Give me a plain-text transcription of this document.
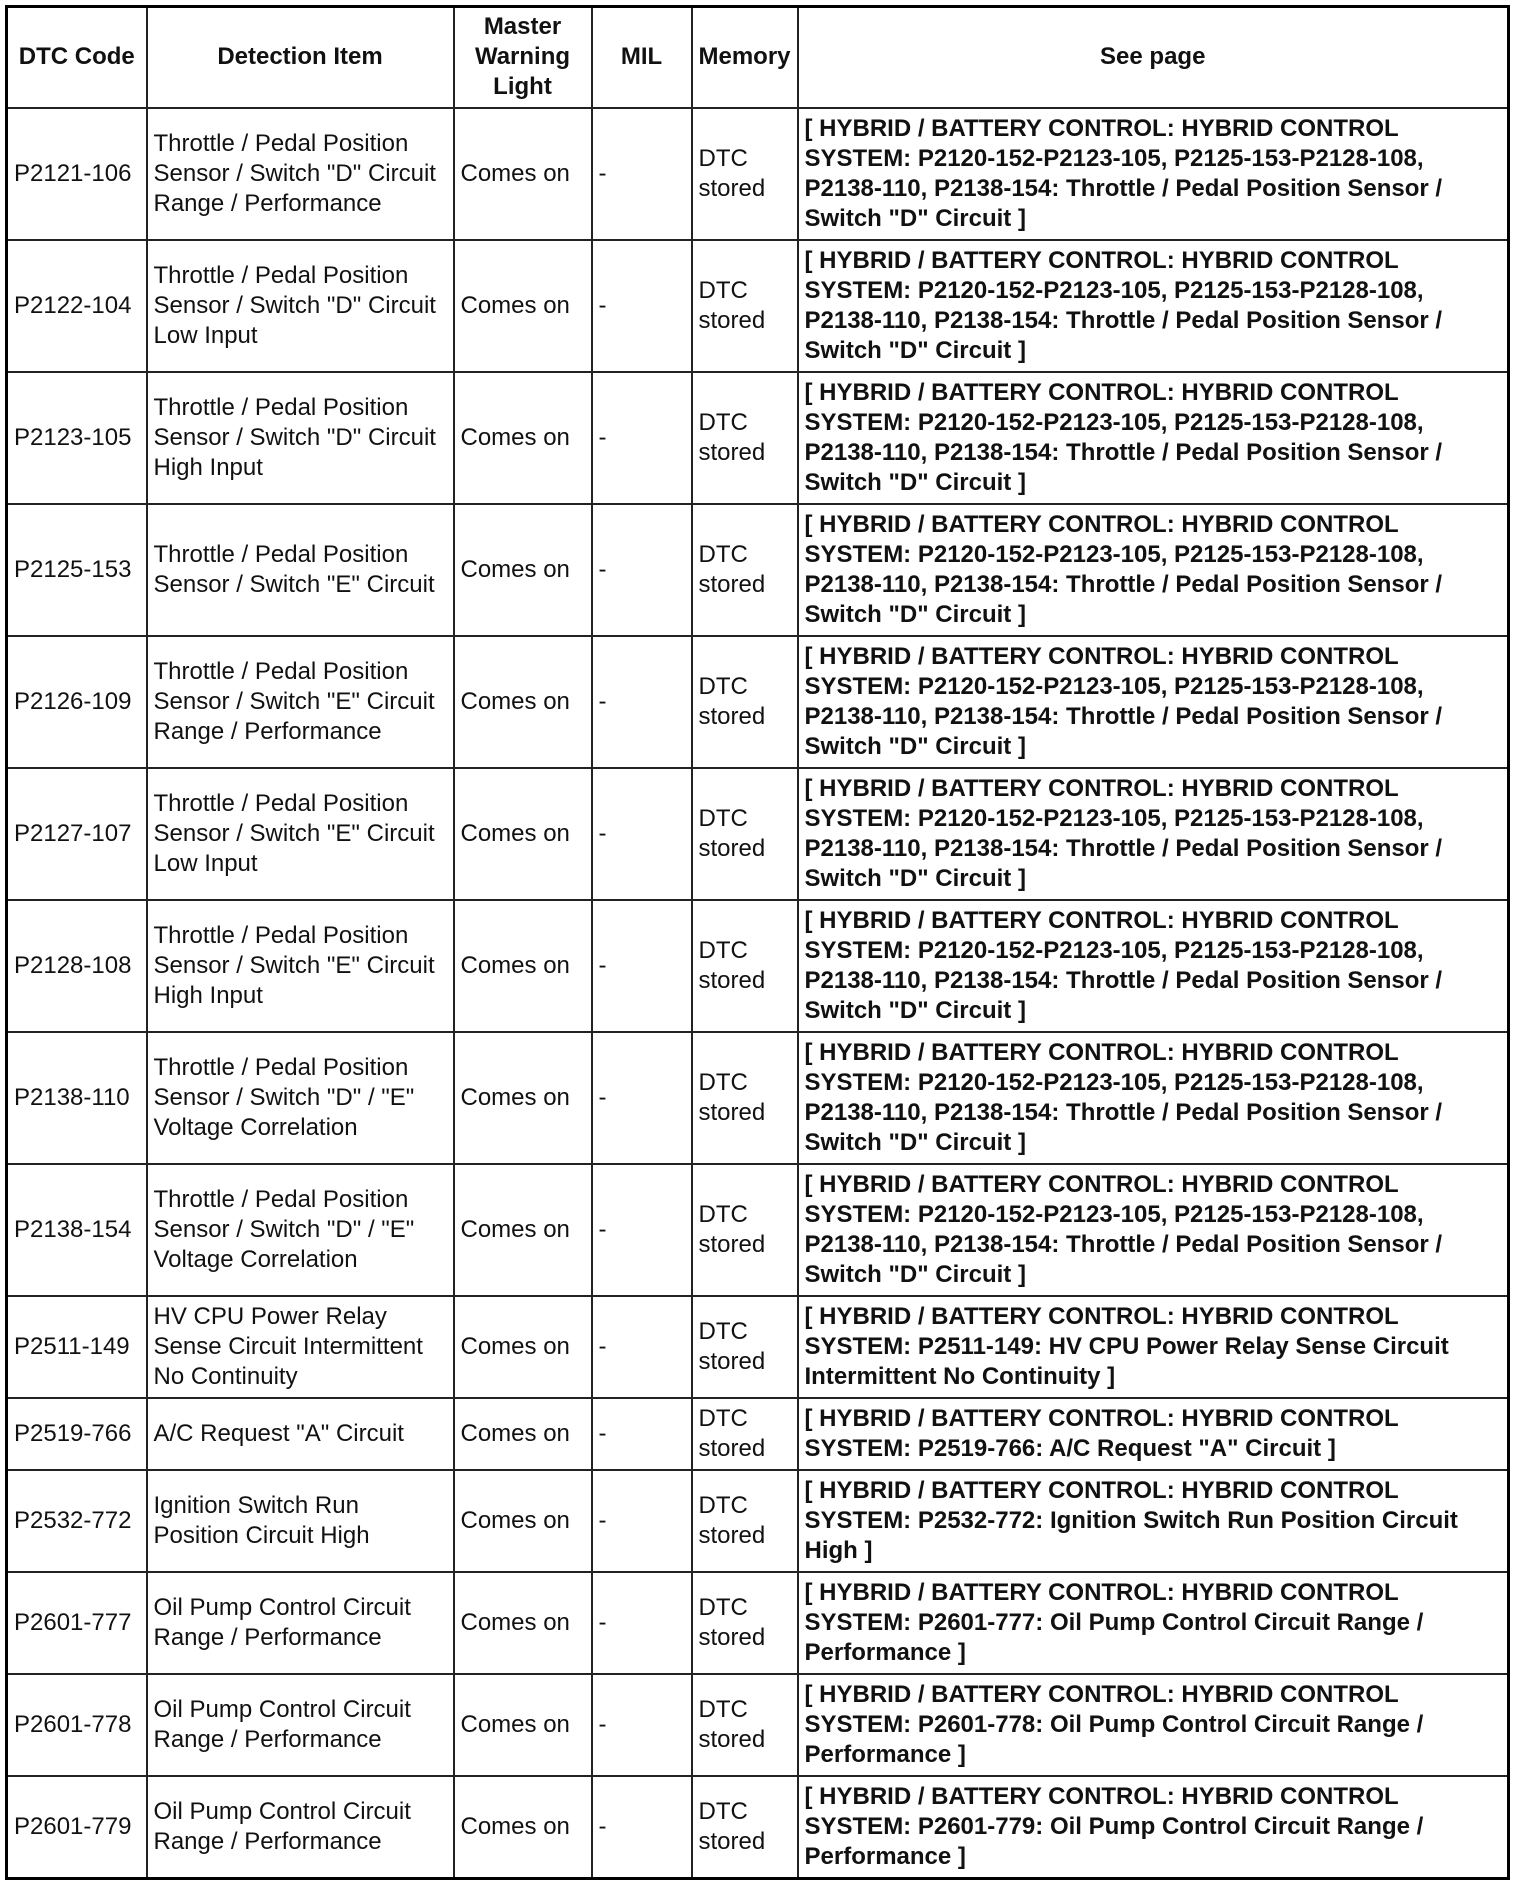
DTC Code	Detection Item	Master Warning Light	MIL	Memory	See page
P2121-106	Throttle / Pedal Position Sensor / Switch "D" Circuit Range / Performance	Comes on	-	DTC stored	[ HYBRID / BATTERY CONTROL: HYBRID CONTROL SYSTEM: P2120-152-P2123-105, P2125-153-P2128-108, P2138-110, P2138-154: Throttle / Pedal Position Sensor / Switch "D" Circuit ]
P2122-104	Throttle / Pedal Position Sensor / Switch "D" Circuit Low Input	Comes on	-	DTC stored	[ HYBRID / BATTERY CONTROL: HYBRID CONTROL SYSTEM: P2120-152-P2123-105, P2125-153-P2128-108, P2138-110, P2138-154: Throttle / Pedal Position Sensor / Switch "D" Circuit ]
P2123-105	Throttle / Pedal Position Sensor / Switch "D" Circuit High Input	Comes on	-	DTC stored	[ HYBRID / BATTERY CONTROL: HYBRID CONTROL SYSTEM: P2120-152-P2123-105, P2125-153-P2128-108, P2138-110, P2138-154: Throttle / Pedal Position Sensor / Switch "D" Circuit ]
P2125-153	Throttle / Pedal Position Sensor / Switch "E" Circuit	Comes on	-	DTC stored	[ HYBRID / BATTERY CONTROL: HYBRID CONTROL SYSTEM: P2120-152-P2123-105, P2125-153-P2128-108, P2138-110, P2138-154: Throttle / Pedal Position Sensor / Switch "D" Circuit ]
P2126-109	Throttle / Pedal Position Sensor / Switch "E" Circuit Range / Performance	Comes on	-	DTC stored	[ HYBRID / BATTERY CONTROL: HYBRID CONTROL SYSTEM: P2120-152-P2123-105, P2125-153-P2128-108, P2138-110, P2138-154: Throttle / Pedal Position Sensor / Switch "D" Circuit ]
P2127-107	Throttle / Pedal Position Sensor / Switch "E" Circuit Low Input	Comes on	-	DTC stored	[ HYBRID / BATTERY CONTROL: HYBRID CONTROL SYSTEM: P2120-152-P2123-105, P2125-153-P2128-108, P2138-110, P2138-154: Throttle / Pedal Position Sensor / Switch "D" Circuit ]
P2128-108	Throttle / Pedal Position Sensor / Switch "E" Circuit High Input	Comes on	-	DTC stored	[ HYBRID / BATTERY CONTROL: HYBRID CONTROL SYSTEM: P2120-152-P2123-105, P2125-153-P2128-108, P2138-110, P2138-154: Throttle / Pedal Position Sensor / Switch "D" Circuit ]
P2138-110	Throttle / Pedal Position Sensor / Switch "D" / "E" Voltage Correlation	Comes on	-	DTC stored	[ HYBRID / BATTERY CONTROL: HYBRID CONTROL SYSTEM: P2120-152-P2123-105, P2125-153-P2128-108, P2138-110, P2138-154: Throttle / Pedal Position Sensor / Switch "D" Circuit ]
P2138-154	Throttle / Pedal Position Sensor / Switch "D" / "E" Voltage Correlation	Comes on	-	DTC stored	[ HYBRID / BATTERY CONTROL: HYBRID CONTROL SYSTEM: P2120-152-P2123-105, P2125-153-P2128-108, P2138-110, P2138-154: Throttle / Pedal Position Sensor / Switch "D" Circuit ]
P2511-149	HV CPU Power Relay Sense Circuit Intermittent No Continuity	Comes on	-	DTC stored	[ HYBRID / BATTERY CONTROL: HYBRID CONTROL SYSTEM: P2511-149: HV CPU Power Relay Sense Circuit Intermittent No Continuity ]
P2519-766	A/C Request "A" Circuit	Comes on	-	DTC stored	[ HYBRID / BATTERY CONTROL: HYBRID CONTROL SYSTEM: P2519-766: A/C Request "A" Circuit ]
P2532-772	Ignition Switch Run Position Circuit High	Comes on	-	DTC stored	[ HYBRID / BATTERY CONTROL: HYBRID CONTROL SYSTEM: P2532-772: Ignition Switch Run Position Circuit High ]
P2601-777	Oil Pump Control Circuit Range / Performance	Comes on	-	DTC stored	[ HYBRID / BATTERY CONTROL: HYBRID CONTROL SYSTEM: P2601-777: Oil Pump Control Circuit Range / Performance ]
P2601-778	Oil Pump Control Circuit Range / Performance	Comes on	-	DTC stored	[ HYBRID / BATTERY CONTROL: HYBRID CONTROL SYSTEM: P2601-778: Oil Pump Control Circuit Range / Performance ]
P2601-779	Oil Pump Control Circuit Range / Performance	Comes on	-	DTC stored	[ HYBRID / BATTERY CONTROL: HYBRID CONTROL SYSTEM: P2601-779: Oil Pump Control Circuit Range / Performance ]
